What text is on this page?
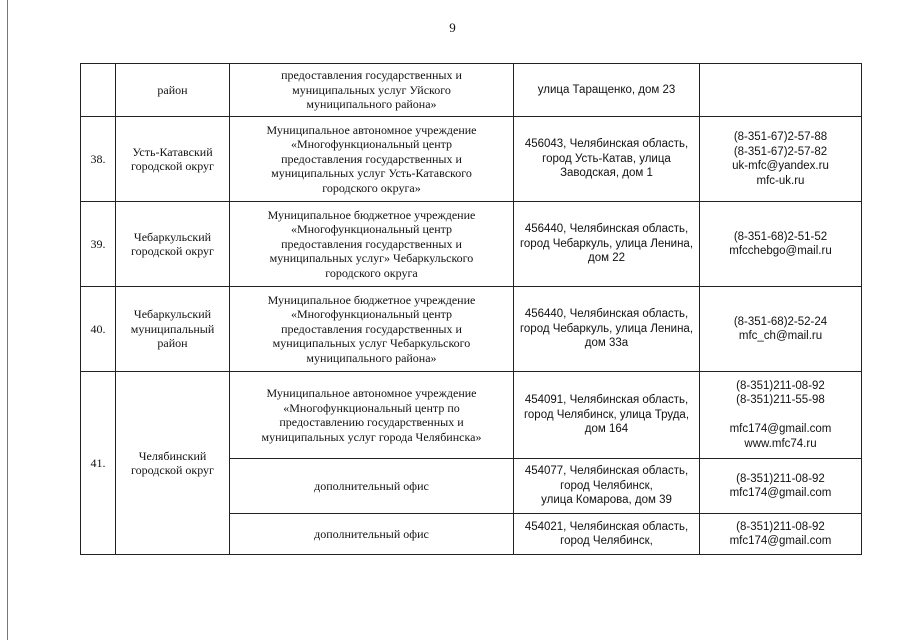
9

	район	предоставления государственных и
муниципальных услуг Уйского
муниципального района»	улица Таращенко, дом 23	

38.	Усть-Катавский
городской округ	Муниципальное автономное учреждение
«Многофункциональный центр
предоставления государственных и
муниципальных услуг Усть-Катавского
городского округа»	456043, Челябинская область,
город Усть-Катав, улица
Заводская, дом 1	(8-351-67)2-57-88
(8-351-67)2-57-82
uk-mfc@yandex.ru
mfc-uk.ru

39.	Чебаркульский
городской округ	Муниципальное бюджетное учреждение
«Многофункциональный центр
предоставления государственных и
муниципальных услуг» Чебаркульского
городского округа	456440, Челябинская область,
город Чебаркуль, улица Ленина,
дом 22	(8-351-68)2-51-52
mfcchebgo@mail.ru

40.	Чебаркульский
муниципальный
район	Муниципальное бюджетное учреждение
«Многофункциональный центр
предоставления государственных и
муниципальных услуг Чебаркульского
муниципального района»	456440, Челябинская область,
город Чебаркуль, улица Ленина,
дом 33а	(8-351-68)2-52-24
mfc_ch@mail.ru

41.	Челябинский
городской округ	Муниципальное автономное учреждение
«Многофункциональный центр по
предоставлению государственных и
муниципальных услуг города Челябинска»	454091, Челябинская область,
город Челябинск, улица Труда,
дом 164	(8-351)211-08-92
(8-351)211-55-98
mfc174@gmail.com
www.mfc74.ru

		дополнительный офис	454077, Челябинская область,
город Челябинск,
улица Комарова, дом 39	(8-351)211-08-92
mfc174@gmail.com

		дополнительный офис	454021, Челябинская область,
город Челябинск,	(8-351)211-08-92
mfc174@gmail.com
